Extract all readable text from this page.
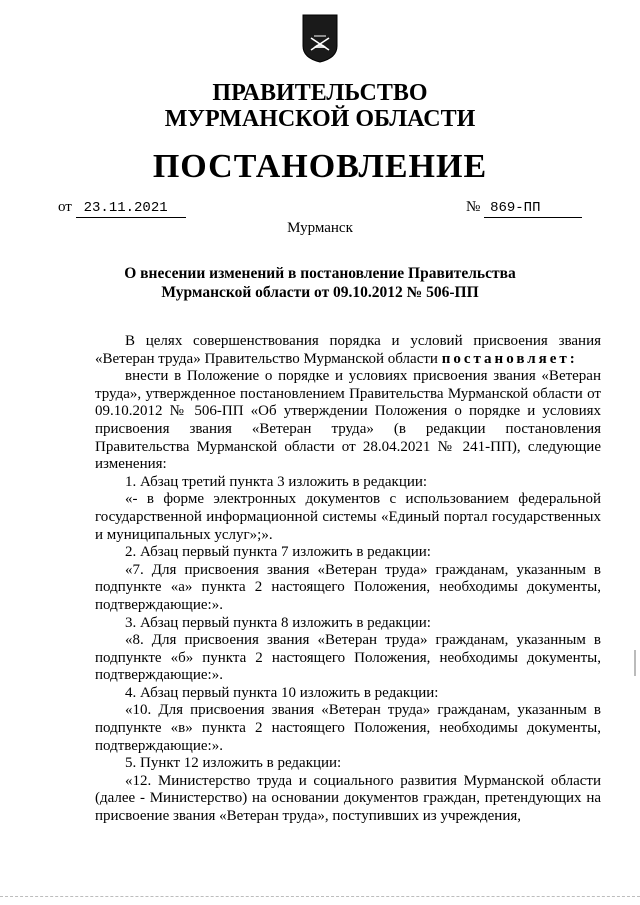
ПРАВИТЕЛЬСТВО
МУРМАНСКОЙ ОБЛАСТИ
ПОСТАНОВЛЕНИЕ
от 23.11.2021	№ 869-ПП
Мурманск
О внесении изменений в постановление Правительства
Мурманской области от 09.10.2012 № 506-ПП

В целях совершенствования порядка и условий присвоения звания «Ветеран труда» Правительство Мурманской области постановляет:

внести в Положение о порядке и условиях присвоения звания «Ветеран труда», утвержденное постановлением Правительства Мурманской области от 09.10.2012 № 506-ПП «Об утверждении Положения о порядке и условиях присвоения звания «Ветеран труда» (в редакции постановления Правительства Мурманской области от 28.04.2021 № 241-ПП), следующие изменения:

1. Абзац третий пункта 3 изложить в редакции:

«- в форме электронных документов с использованием федеральной государственной информационной системы «Единый портал государственных и муниципальных услуг»;».

2. Абзац первый пункта 7 изложить в редакции:

«7. Для присвоения звания «Ветеран труда» гражданам, указанным в подпункте «а» пункта 2 настоящего Положения, необходимы документы, подтверждающие:».

3. Абзац первый пункта 8 изложить в редакции:

«8. Для присвоения звания «Ветеран труда» гражданам, указанным в подпункте «б» пункта 2 настоящего Положения, необходимы документы, подтверждающие:».

4. Абзац первый пункта 10 изложить в редакции:

«10. Для присвоения звания «Ветеран труда» гражданам, указанным в подпункте «в» пункта 2 настоящего Положения, необходимы документы, подтверждающие:».

5. Пункт 12 изложить в редакции:

«12. Министерство труда и социального развития Мурманской области (далее - Министерство) на основании документов граждан, претендующих на присвоение звания «Ветеран труда», поступивших из учреждения,
